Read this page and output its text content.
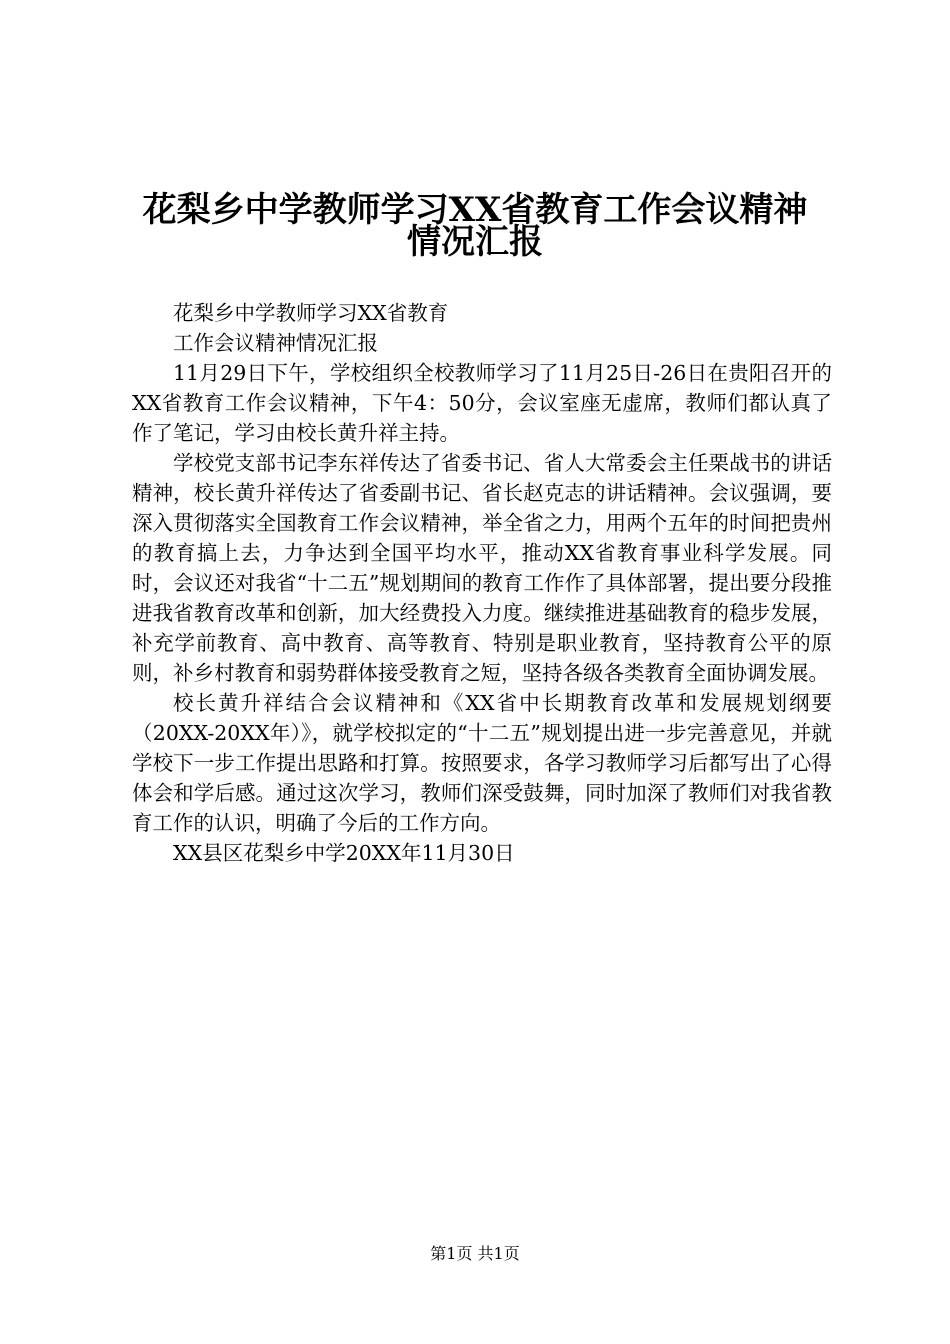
花梨乡中学教师学习XX省教育工作会议精神
情况汇报

花梨乡中学教师学习XX省教育

工作会议精神情况汇报

11月29日下午，学校组织全校教师学习了11月25日-26日在贵阳召开的XX省教育工作会议精神，下午4：50分，会议室座无虚席，教师们都认真了作了笔记，学习由校长黄升祥主持。

学校党支部书记李东祥传达了省委书记、省人大常委会主任栗战书的讲话精神，校长黄升祥传达了省委副书记、省长赵克志的讲话精神。会议强调，要深入贯彻落实全国教育工作会议精神，举全省之力，用两个五年的时间把贵州的教育搞上去，力争达到全国平均水平，推动XX省教育事业科学发展。同时，会议还对我省“十二五”规划期间的教育工作作了具体部署，提出要分段推进我省教育改革和创新，加大经费投入力度。继续推进基础教育的稳步发展，补充学前教育、高中教育、高等教育、特别是职业教育，坚持教育公平的原则，补乡村教育和弱势群体接受教育之短，坚持各级各类教育全面协调发展。

校长黄升祥结合会议精神和《XX省中长期教育改革和发展规划纲要（20XX-20XX年）》，就学校拟定的“十二五”规划提出进一步完善意见，并就学校下一步工作提出思路和打算。按照要求，各学习教师学习后都写出了心得体会和学后感。通过这次学习，教师们深受鼓舞，同时加深了教师们对我省教育工作的认识，明确了今后的工作方向。

XX县区花梨乡中学20XX年11月30日

第1页 共1页
